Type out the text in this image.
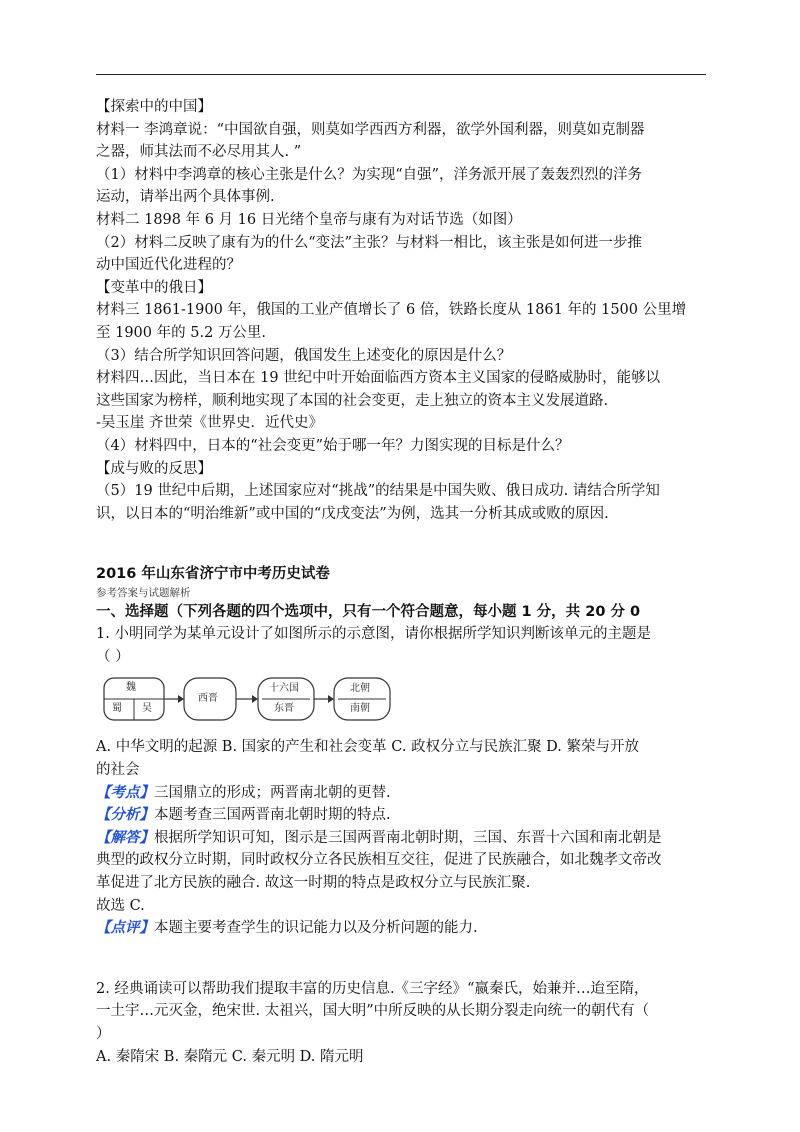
【探索中的中国】
材料一 李鸿章说：“中国欲自强，则莫如学西西方利器，欲学外国利器，则莫如克制器
之器，师其法而不必尽用其人. ”
（1）材料中李鸿章的核心主张是什么？为实现“自强”，洋务派开展了轰轰烈烈的洋务
运动，请举出两个具体事例.
材料二 1898 年 6 月 16 日光绪个皇帝与康有为对话节选（如图）
（2）材料二反映了康有为的什么“变法”主张？与材料一相比，该主张是如何进一步推
动中国近代化进程的？
【变革中的俄日】
材料三 1861-1900 年，俄国的工业产值增长了 6 倍，铁路长度从 1861 年的 1500 公里增
至 1900 年的 5.2 万公里.
（3）结合所学知识回答问题，俄国发生上述变化的原因是什么？
材料四…因此，当日本在 19 世纪中叶开始面临西方资本主义国家的侵略威胁时，能够以
这些国家为榜样，顺利地实现了本国的社会变更，走上独立的资本主义发展道路.
-吴玉崖 齐世荣《世界史．近代史》
（4）材料四中，日本的“社会变更”始于哪一年？力图实现的目标是什么？
【成与败的反思】
（5）19 世纪中后期，上述国家应对“挑战”的结果是中国失败、俄日成功. 请结合所学知
识，以日本的“明治维新”或中国的“戊戌变法”为例，选其一分析其成或败的原因.
2016 年山东省济宁市中考历史试卷
参考答案与试题解析
一、选择题（下列各题的四个选项中，只有一个符合题意，每小题 1 分，共 20 分 0
1. 小明同学为某单元设计了如图所示的示意图，请你根据所学知识判断该单元的主题是
（ ）
魏
蜀 吴
西晋
十六国
东晋
北朝
南朝
A. 中华文明的起源 B. 国家的产生和社会变革 C. 政权分立与民族汇聚 D. 繁荣与开放
的社会
【考点】三国鼎立的形成；两晋南北朝的更替.
【分析】本题考查三国两晋南北朝时期的特点.
【解答】根据所学知识可知，图示是三国两晋南北朝时期，三国、东晋十六国和南北朝是
典型的政权分立时期，同时政权分立各民族相互交往，促进了民族融合，如北魏孝文帝改
革促进了北方民族的融合. 故这一时期的特点是政权分立与民族汇聚.
故选 C.
【点评】本题主要考查学生的识记能力以及分析问题的能力.
2. 经典诵读可以帮助我们提取丰富的历史信息.《三字经》“嬴秦氏，始兼并…迨至隋，
一土宇…元灭金，绝宋世. 太祖兴，国大明”中所反映的从长期分裂走向统一的朝代有（
）
A. 秦隋宋 B. 秦隋元 C. 秦元明 D. 隋元明
